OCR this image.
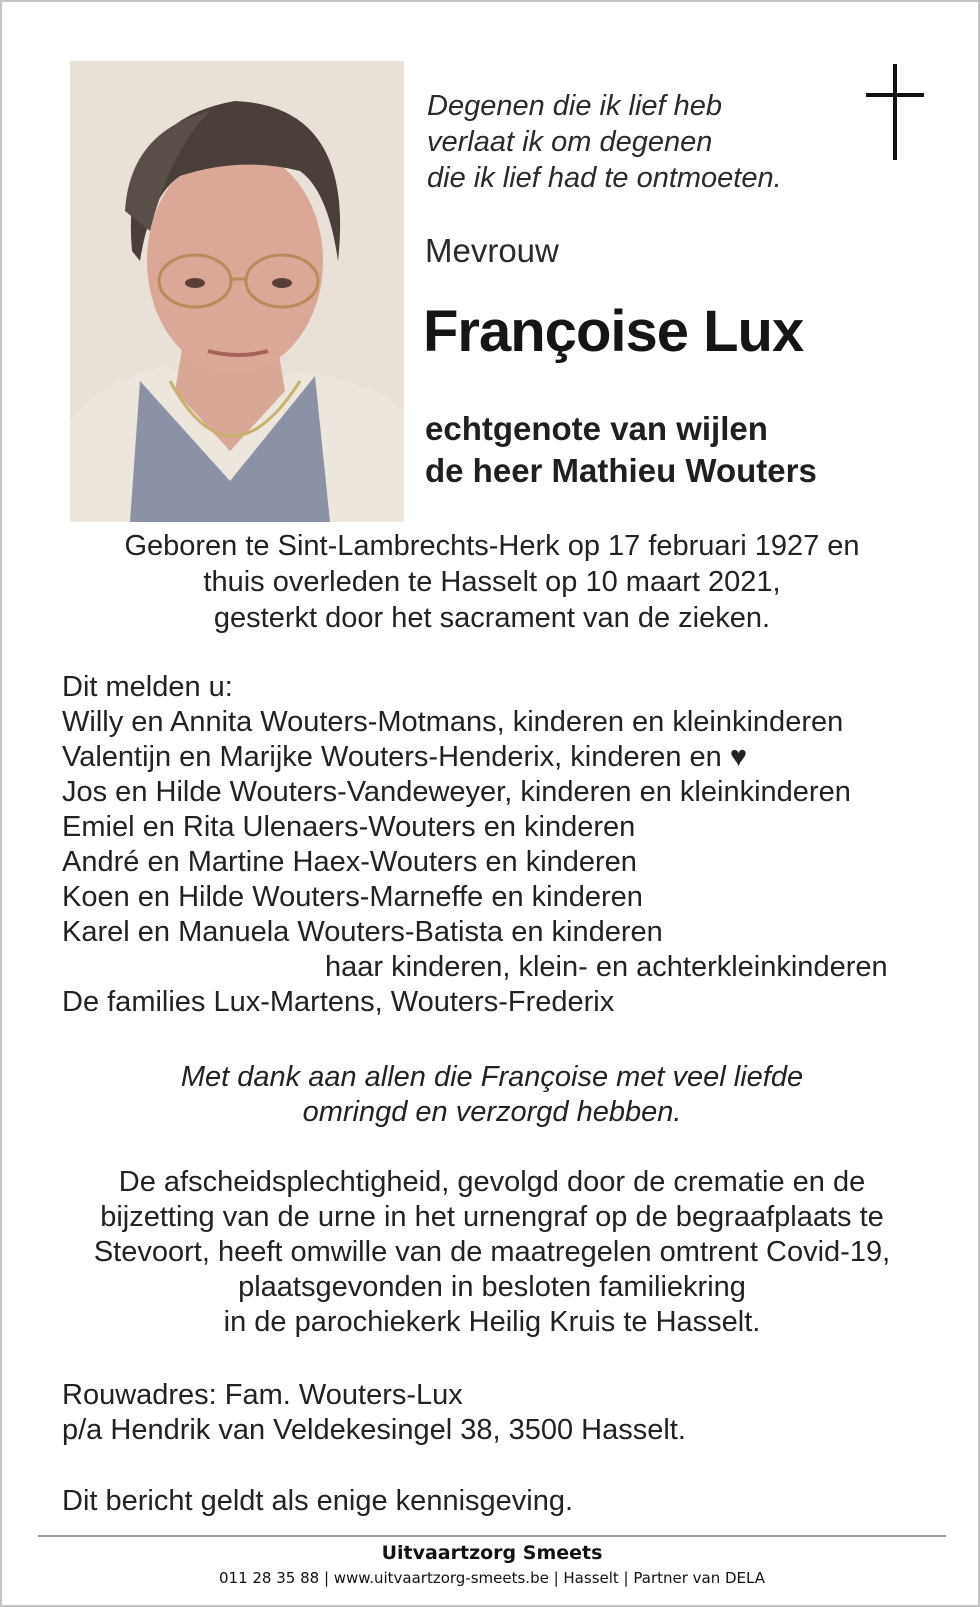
Degenen die ik lief heb
verlaat ik om degenen
die ik lief had te ontmoeten.
Mevrouw
Françoise Lux
echtgenote van wijlen
de heer Mathieu Wouters
Geboren te Sint-Lambrechts-Herk op 17 februari 1927 en
thuis overleden te Hasselt op 10 maart 2021,
gesterkt door het sacrament van de zieken.
Dit melden u:
Willy en Annita Wouters-Motmans, kinderen en kleinkinderen
Valentijn en Marijke Wouters-Henderix, kinderen en ♥
Jos en Hilde Wouters-Vandeweyer, kinderen en kleinkinderen
Emiel en Rita Ulenaers-Wouters en kinderen
André en Martine Haex-Wouters en kinderen
Koen en Hilde Wouters-Marneffe en kinderen
Karel en Manuela Wouters-Batista en kinderen
haar kinderen, klein- en achterkleinkinderen
De families Lux-Martens, Wouters-Frederix
Met dank aan allen die Françoise met veel liefde
omringd en verzorgd hebben.
De afscheidsplechtigheid, gevolgd door de crematie en de
bijzetting van de urne in het urnengraf op de begraafplaats te
Stevoort, heeft omwille van de maatregelen omtrent Covid-19,
plaatsgevonden in besloten familiekring
in de parochiekerk Heilig Kruis te Hasselt.
Rouwadres: Fam. Wouters-Lux
p/a Hendrik van Veldekesingel 38, 3500 Hasselt.
Dit bericht geldt als enige kennisgeving.
Uitvaartzorg Smeets
011 28 35 88 | www.uitvaartzorg-smeets.be | Hasselt | Partner van DELA
